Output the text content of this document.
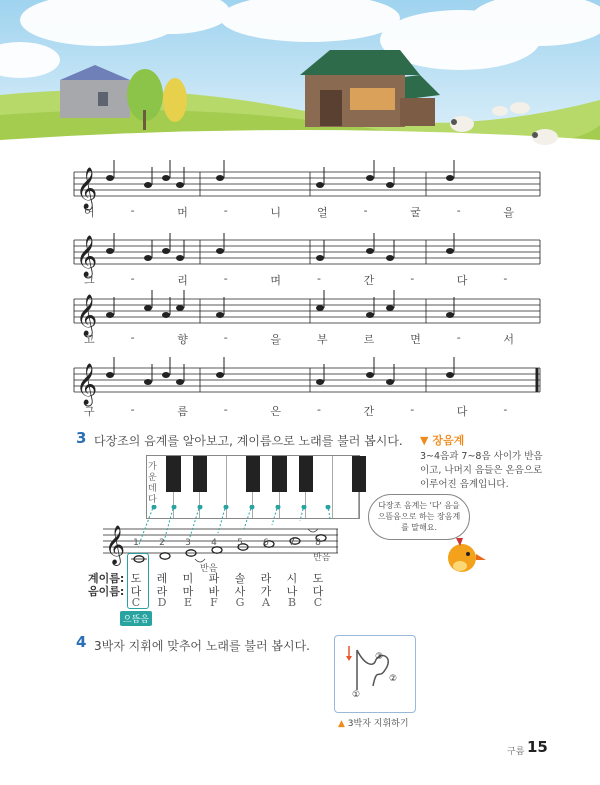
𝄞
𝄞
𝄞
𝄞
어	-	머	-	니	얼	-	굴	-	을
그	-	리	-	며	-	간	-	다	-
고	-	향	-	을	부	르	면	-	서
구	-	름	-	은	-	간	-	다	-
3 다장조의 음계를 알아보고, 계이름으로 노래를 불러 봅시다.
가운데 다
𝄞
반음
반음
1	2	3	4	5	6	7	8
계이름:
음이름:
도	레	미	파	솔	라	시	도
다	라	마	바	사	가	나	다
C	D	E	F	G	A	B	C
으뜸음
▼ 장음계
3~4음과 7~8음 사이가 반음이고, 나머지 음들은 온음으로 이루어진 음계입니다.
다장조 음계는 '다' 음을 으뜸음으로 하는 장음계를 말해요.
4 3박자 지휘에 맞추어 노래를 불러 봅시다.
①
②
③
▲ 3박자 지휘하기
구름 15
